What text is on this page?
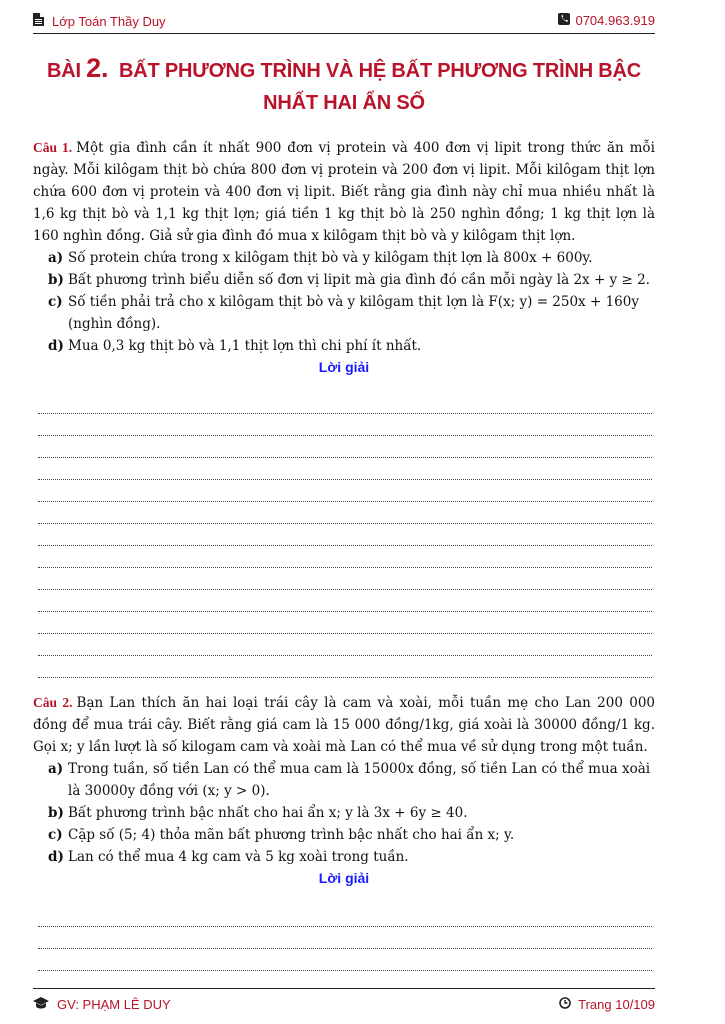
Lớp Toán Thầy Duy	0704.963.919
BÀI 2. BẤT PHƯƠNG TRÌNH VÀ HỆ BẤT PHƯƠNG TRÌNH BẬC
NHẤT HAI ẨN SỐ
Câu 1. Một gia đình cần ít nhất 900 đơn vị protein và 400 đơn vị lipit trong thức ăn mỗi ngày. Mỗi kilôgam thịt bò chứa 800 đơn vị protein và 200 đơn vị lipit. Mỗi kilôgam thịt lợn chứa 600 đơn vị protein và 400 đơn vị lipit. Biết rằng gia đình này chỉ mua nhiều nhất là 1,6 kg thịt bò và 1,1 kg thịt lợn; giá tiền 1 kg thịt bò là 250 nghìn đồng; 1 kg thịt lợn là 160 nghìn đồng. Giả sử gia đình đó mua x kilôgam thịt bò và y kilôgam thịt lợn.
a) Số protein chứa trong x kilôgam thịt bò và y kilôgam thịt lợn là 800x + 600y.
b) Bất phương trình biểu diễn số đơn vị lipit mà gia đình đó cần mỗi ngày là 2x + y ≥ 2.
c) Số tiền phải trả cho x kilôgam thịt bò và y kilôgam thịt lợn là F(x; y) = 250x + 160y (nghìn đồng).
d) Mua 0,3 kg thịt bò và 1,1 thịt lợn thì chi phí ít nhất.
Lời giải
Câu 2. Bạn Lan thích ăn hai loại trái cây là cam và xoài, mỗi tuần mẹ cho Lan 200 000 đồng để mua trái cây. Biết rằng giá cam là 15 000 đồng/1kg, giá xoài là 30000 đồng/1 kg. Gọi x; y lần lượt là số kilogam cam và xoài mà Lan có thể mua về sử dụng trong một tuần.
a) Trong tuần, số tiền Lan có thể mua cam là 15000x đồng, số tiền Lan có thể mua xoài là 30000y đồng với (x; y > 0).
b) Bất phương trình bậc nhất cho hai ẩn x; y là 3x + 6y ≥ 40.
c) Cặp số (5; 4) thỏa mãn bất phương trình bậc nhất cho hai ẩn x; y.
d) Lan có thể mua 4 kg cam và 5 kg xoài trong tuần.
Lời giải
GV: PHẠM LÊ DUY	Trang 10/109
